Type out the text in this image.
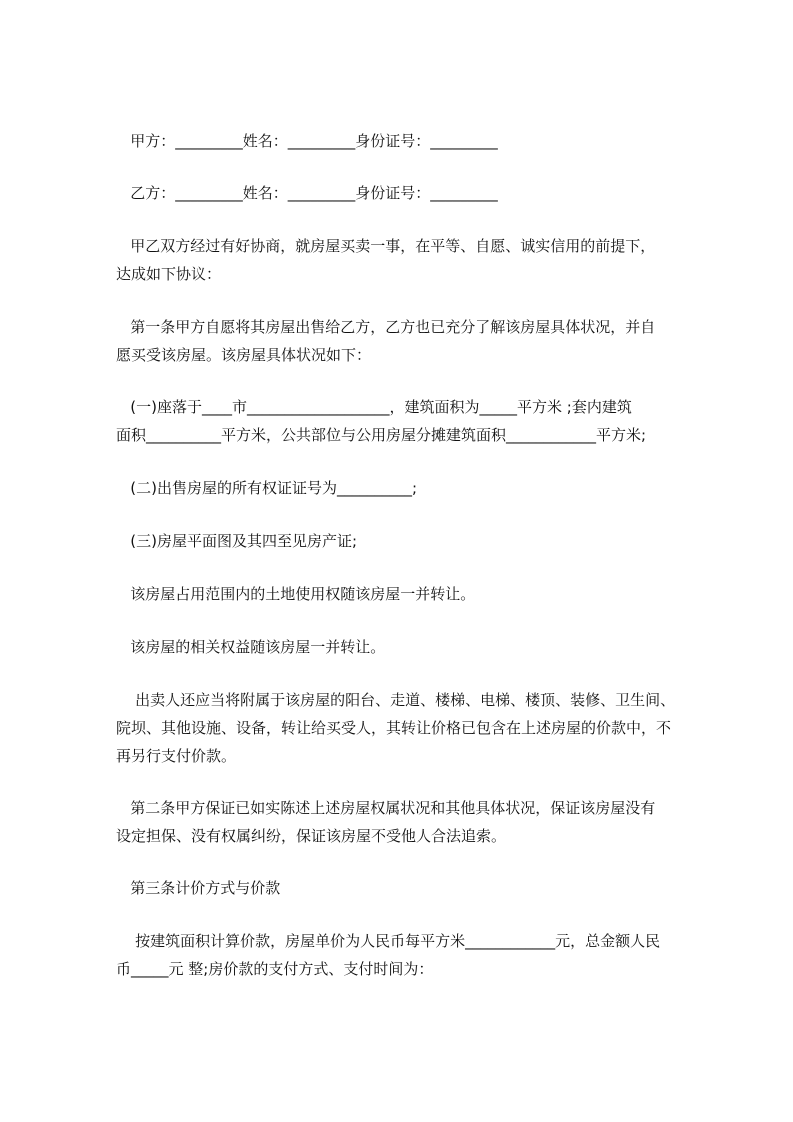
甲方：_________姓名：_________身份证号：_________

乙方：_________姓名：_________身份证号：_________

甲乙双方经过有好协商，就房屋买卖一事，在平等、自愿、诚实信用的前提下，
达成如下协议：

第一条甲方自愿将其房屋出售给乙方，乙方也已充分了解该房屋具体状况，并自
愿买受该房屋。该房屋具体状况如下：

(一)座落于____市___________________，建筑面积为_____平方米 ;套内建筑
面积__________平方米，公共部位与公用房屋分摊建筑面积____________平方米;

(二)出售房屋的所有权证证号为__________;

(三)房屋平面图及其四至见房产证;

该房屋占用范围内的土地使用权随该房屋一并转让。

该房屋的相关权益随该房屋一并转让。

出卖人还应当将附属于该房屋的阳台、走道、楼梯、电梯、楼顶、装修、卫生间、
院坝、其他设施、设备，转让给买受人，其转让价格已包含在上述房屋的价款中，不
再另行支付价款。

第二条甲方保证已如实陈述上述房屋权属状况和其他具体状况，保证该房屋没有
设定担保、没有权属纠纷，保证该房屋不受他人合法追索。

第三条计价方式与价款

按建筑面积计算价款，房屋单价为人民币每平方米____________元，总金额人民
币_____元 整;房价款的支付方式、支付时间为：
